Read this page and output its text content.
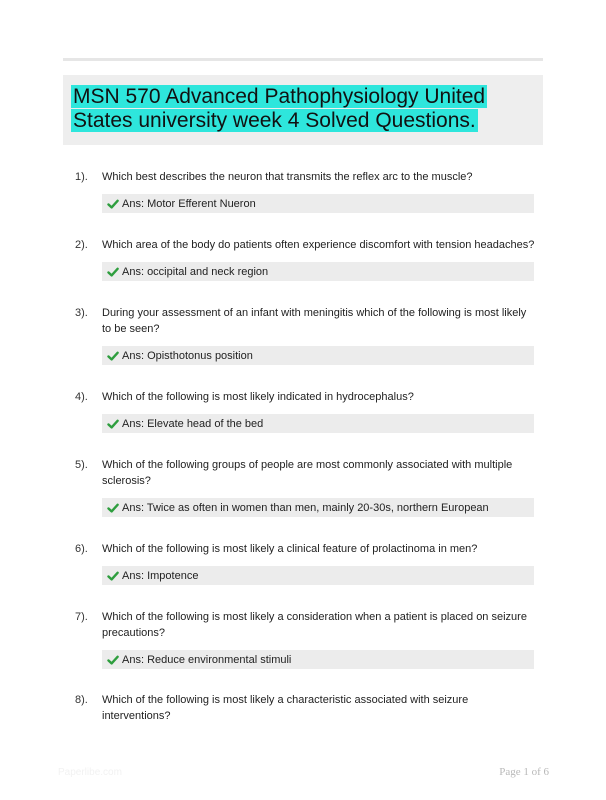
MSN 570 Advanced Pathophysiology United States university week 4 Solved Questions.
1). Which best describes the neuron that transmits the reflex arc to the muscle?
Ans: Motor Efferent Nueron
2). Which area of the body do patients often experience discomfort with tension headaches?
Ans: occipital and neck region
3). During your assessment of an infant with meningitis which of the following is most likely to be seen?
Ans: Opisthotonus position
4). Which of the following is most likely indicated in hydrocephalus?
Ans: Elevate head of the bed
5). Which of the following groups of people are most commonly associated with multiple sclerosis?
Ans: Twice as often in women than men, mainly 20-30s, northern European
6). Which of the following is most likely a clinical feature of prolactinoma in men?
Ans: Impotence
7). Which of the following is most likely a consideration when a patient is placed on seizure precautions?
Ans: Reduce environmental stimuli
8). Which of the following is most likely a characteristic associated with seizure interventions?
Paperlibe.com	Page 1 of 6
